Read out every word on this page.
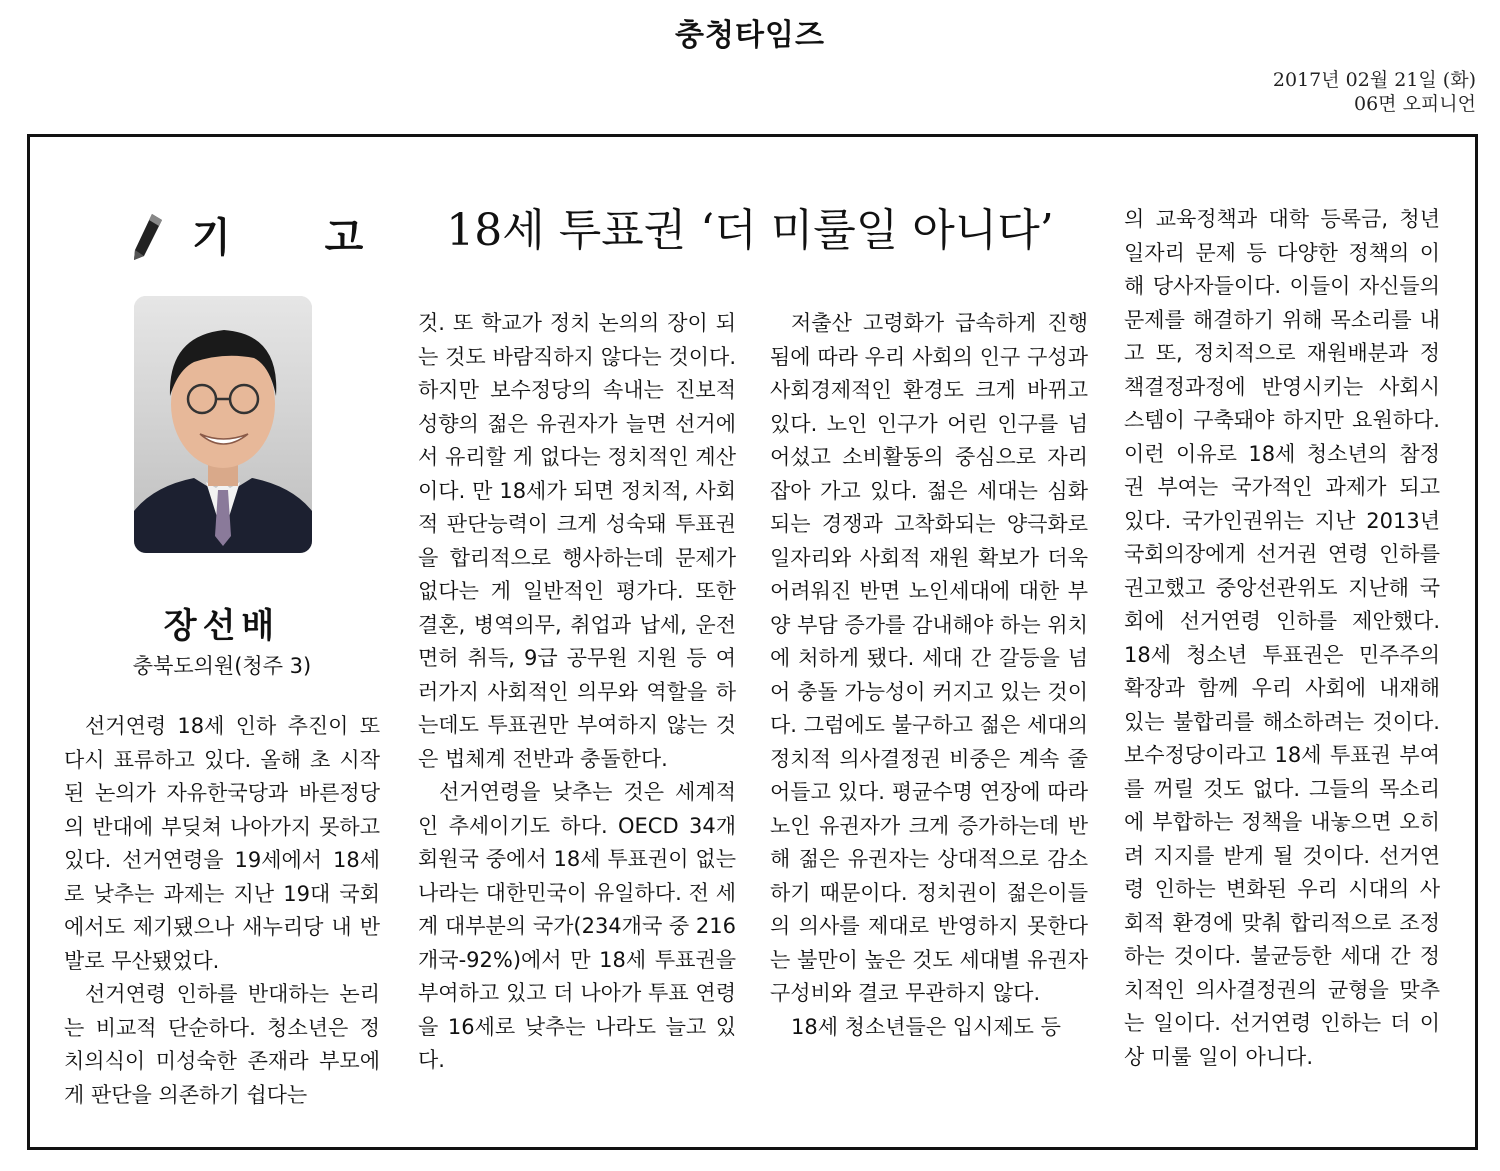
충청타임즈
2017년 02월 21일 (화)
06면 오피니언
기 고 18세 투표권 ‘더 미룰일 아니다’
장선배
충북도의원(청주 3)

선거연령 18세 인하 추진이 또 다시 표류하고 있다. 올해 초 시작된 논의가 자유한국당과 바른정당의 반대에 부딪쳐 나아가지 못하고 있다. 선거연령을 19세에서 18세로 낮추는 과제는 지난 19대 국회에서도 제기됐으나 새누리당 내 반발로 무산됐었다.

선거연령 인하를 반대하는 논리는 비교적 단순하다. 청소년은 정치의식이 미성숙한 존재라 부모에게 판단을 의존하기 쉽다는

것. 또 학교가 정치 논의의 장이 되는 것도 바람직하지 않다는 것이다. 하지만 보수정당의 속내는 진보적 성향의 젊은 유권자가 늘면 선거에서 유리할 게 없다는 정치적인 계산이다. 만 18세가 되면 정치적, 사회적 판단능력이 크게 성숙돼 투표권을 합리적으로 행사하는데 문제가 없다는 게 일반적인 평가다. 또한 결혼, 병역의무, 취업과 납세, 운전면허 취득, 9급 공무원 지원 등 여러가지 사회적인 의무와 역할을 하는데도 투표권만 부여하지 않는 것은 법체계 전반과 충돌한다.

선거연령을 낮추는 것은 세계적인 추세이기도 하다. OECD 34개 회원국 중에서 18세 투표권이 없는 나라는 대한민국이 유일하다. 전 세계 대부분의 국가(234개국 중 216개국-92%)에서 만 18세 투표권을 부여하고 있고 더 나아가 투표 연령을 16세로 낮추는 나라도 늘고 있다.

저출산 고령화가 급속하게 진행됨에 따라 우리 사회의 인구 구성과 사회경제적인 환경도 크게 바뀌고 있다. 노인 인구가 어린 인구를 넘어섰고 소비활동의 중심으로 자리잡아 가고 있다. 젊은 세대는 심화되는 경쟁과 고착화되는 양극화로 일자리와 사회적 재원 확보가 더욱 어려워진 반면 노인세대에 대한 부양 부담 증가를 감내해야 하는 위치에 처하게 됐다. 세대 간 갈등을 넘어 충돌 가능성이 커지고 있는 것이다. 그럼에도 불구하고 젊은 세대의 정치적 의사결정권 비중은 계속 줄어들고 있다. 평균수명 연장에 따라 노인 유권자가 크게 증가하는데 반해 젊은 유권자는 상대적으로 감소하기 때문이다. 정치권이 젊은이들의 의사를 제대로 반영하지 못한다는 불만이 높은 것도 세대별 유권자 구성비와 결코 무관하지 않다.

18세 청소년들은 입시제도 등

의 교육정책과 대학 등록금, 청년 일자리 문제 등 다양한 정책의 이해 당사자들이다. 이들이 자신들의 문제를 해결하기 위해 목소리를 내고 또, 정치적으로 재원배분과 정책결정과정에 반영시키는 사회시스템이 구축돼야 하지만 요원하다. 이런 이유로 18세 청소년의 참정권 부여는 국가적인 과제가 되고 있다. 국가인권위는 지난 2013년 국회의장에게 선거권 연령 인하를 권고했고 중앙선관위도 지난해 국회에 선거연령 인하를 제안했다. 18세 청소년 투표권은 민주주의 확장과 함께 우리 사회에 내재해 있는 불합리를 해소하려는 것이다. 보수정당이라고 18세 투표권 부여를 꺼릴 것도 없다. 그들의 목소리에 부합하는 정책을 내놓으면 오히려 지지를 받게 될 것이다. 선거연령 인하는 변화된 우리 시대의 사회적 환경에 맞춰 합리적으로 조정하는 것이다. 불균등한 세대 간 정치적인 의사결정권의 균형을 맞추는 일이다. 선거연령 인하는 더 이상 미룰 일이 아니다.
